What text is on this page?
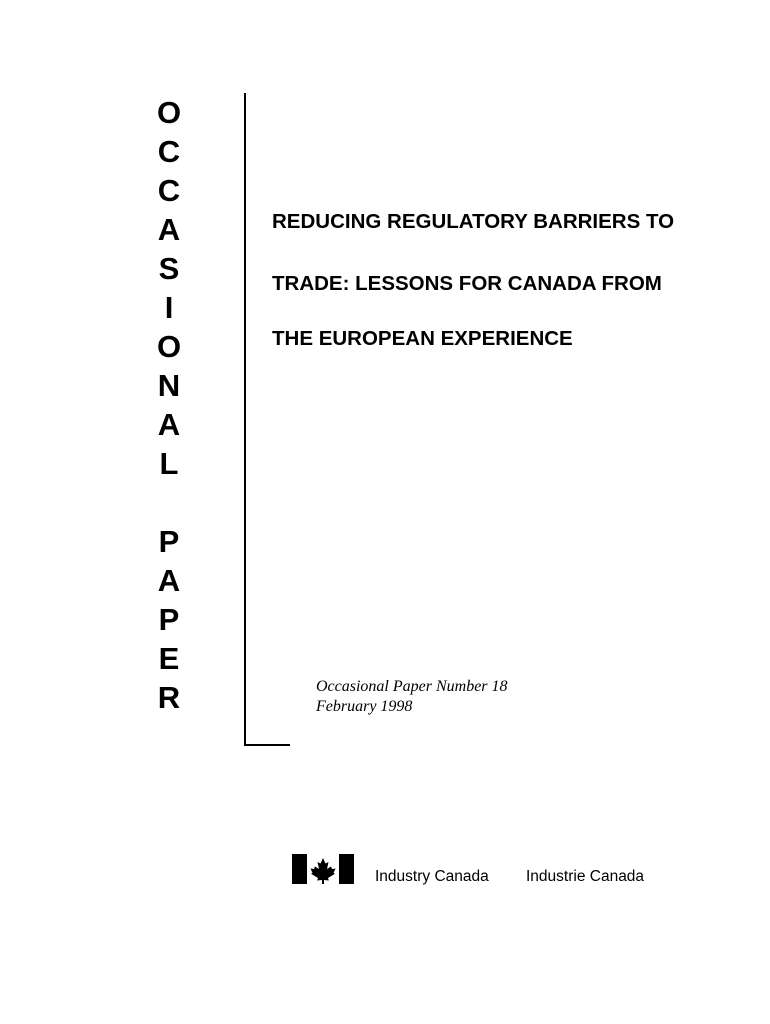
O
C
C
A
S
I
O
N
A
L
P
A
P
E
R
REDUCING REGULATORY BARRIERS TO
TRADE: LESSONS FOR CANADA FROM
THE EUROPEAN EXPERIENCE
Occasional Paper Number 18
February 1998
Industry Canada Industrie Canada
